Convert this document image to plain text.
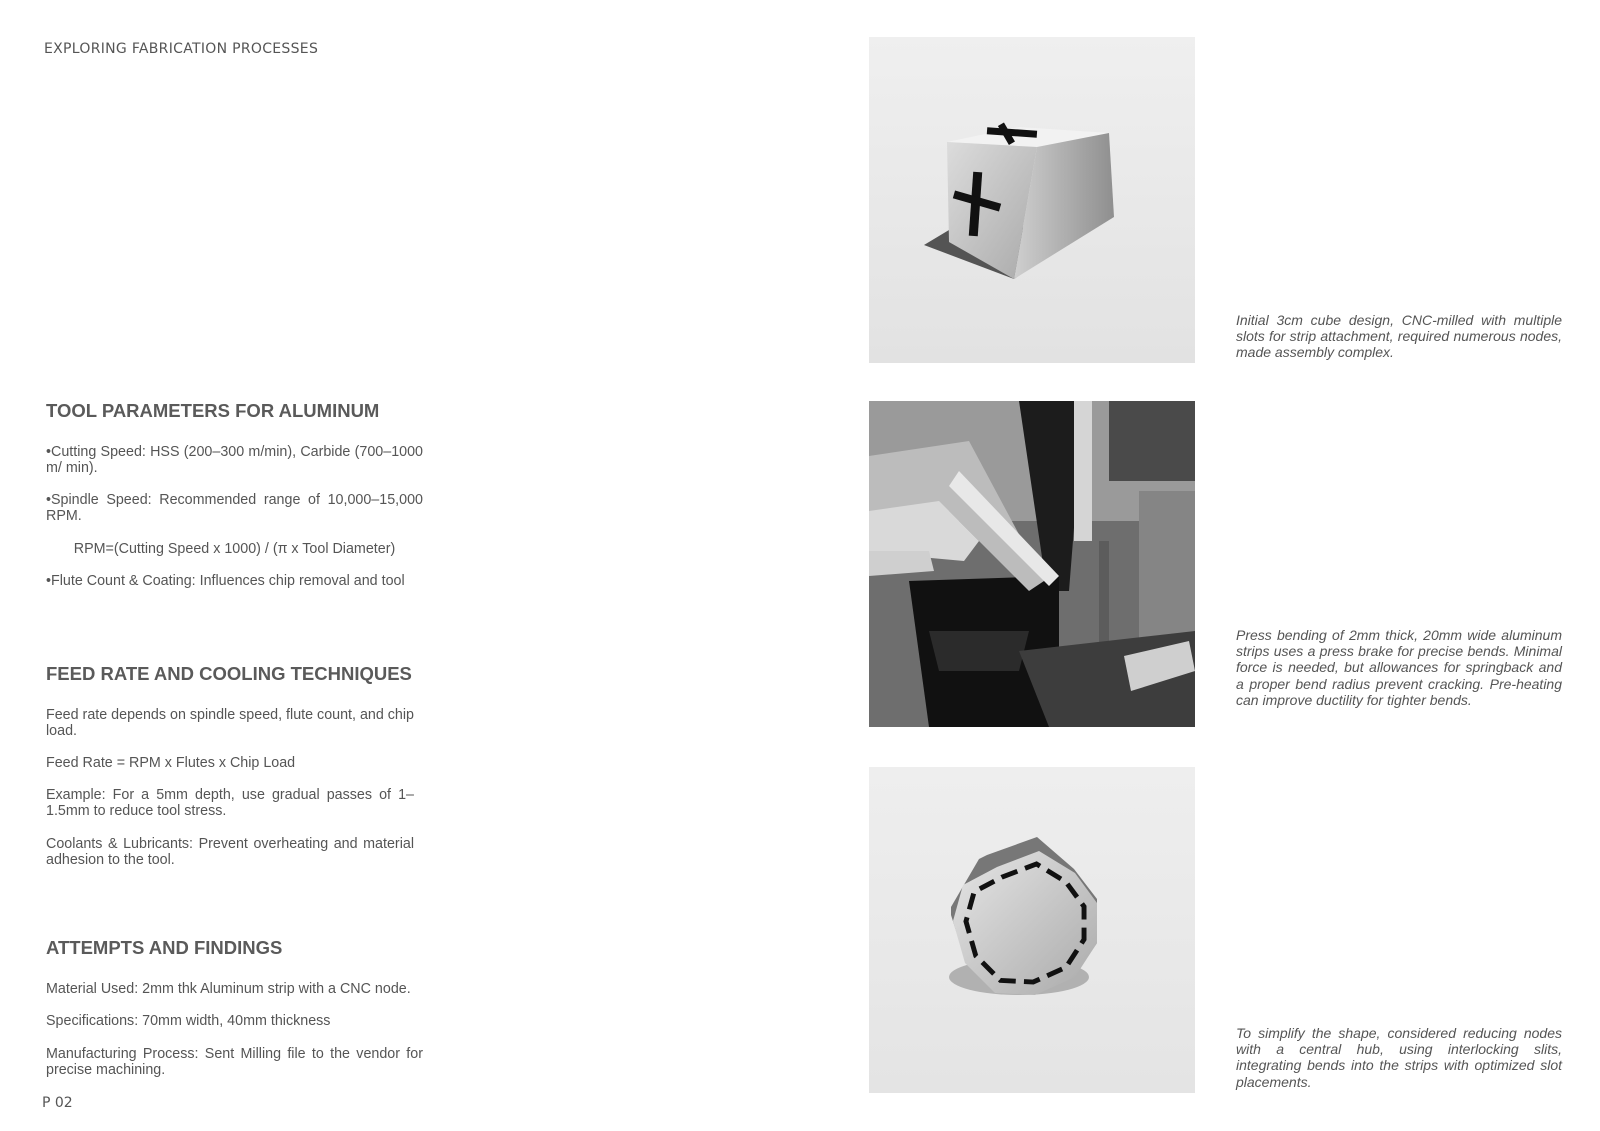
EXPLORING FABRICATION PROCESSES
TOOL PARAMETERS FOR ALUMINUM

•Cutting Speed: HSS (200–300 m/min), Carbide (700–1000 m/ min).

•Spindle Speed: Recommended range of 10,000–15,000 RPM.

RPM=(Cutting Speed x 1000) / (π x Tool Diameter)

•Flute Count & Coating: Influences chip removal and tool

FEED RATE AND COOLING TECHNIQUES

Feed rate depends on spindle speed, flute count, and chip load.

Feed Rate = RPM x Flutes x Chip Load

Example: For a 5mm depth, use gradual passes of 1–1.5mm to reduce tool stress.

Coolants & Lubricants: Prevent overheating and material adhesion to the tool.

ATTEMPTS AND FINDINGS

Material Used: 2mm thk Aluminum strip with a CNC node.

Specifications: 70mm width, 40mm thickness

Manufacturing Process: Sent Milling file to the vendor for precise machining.

Initial 3cm cube design, CNC-milled with multiple slots for strip attachment, required numerous nodes, made assembly complex.

Press bending of 2mm thick, 20mm wide aluminum strips uses a press brake for precise bends. Minimal force is needed, but allowances for springback and a proper bend radius prevent cracking. Pre-heating can improve ductility for tighter bends.

To simplify the shape, considered reducing nodes with a central hub, using interlocking slits, integrating bends into the strips with optimized slot placements.

P 02
